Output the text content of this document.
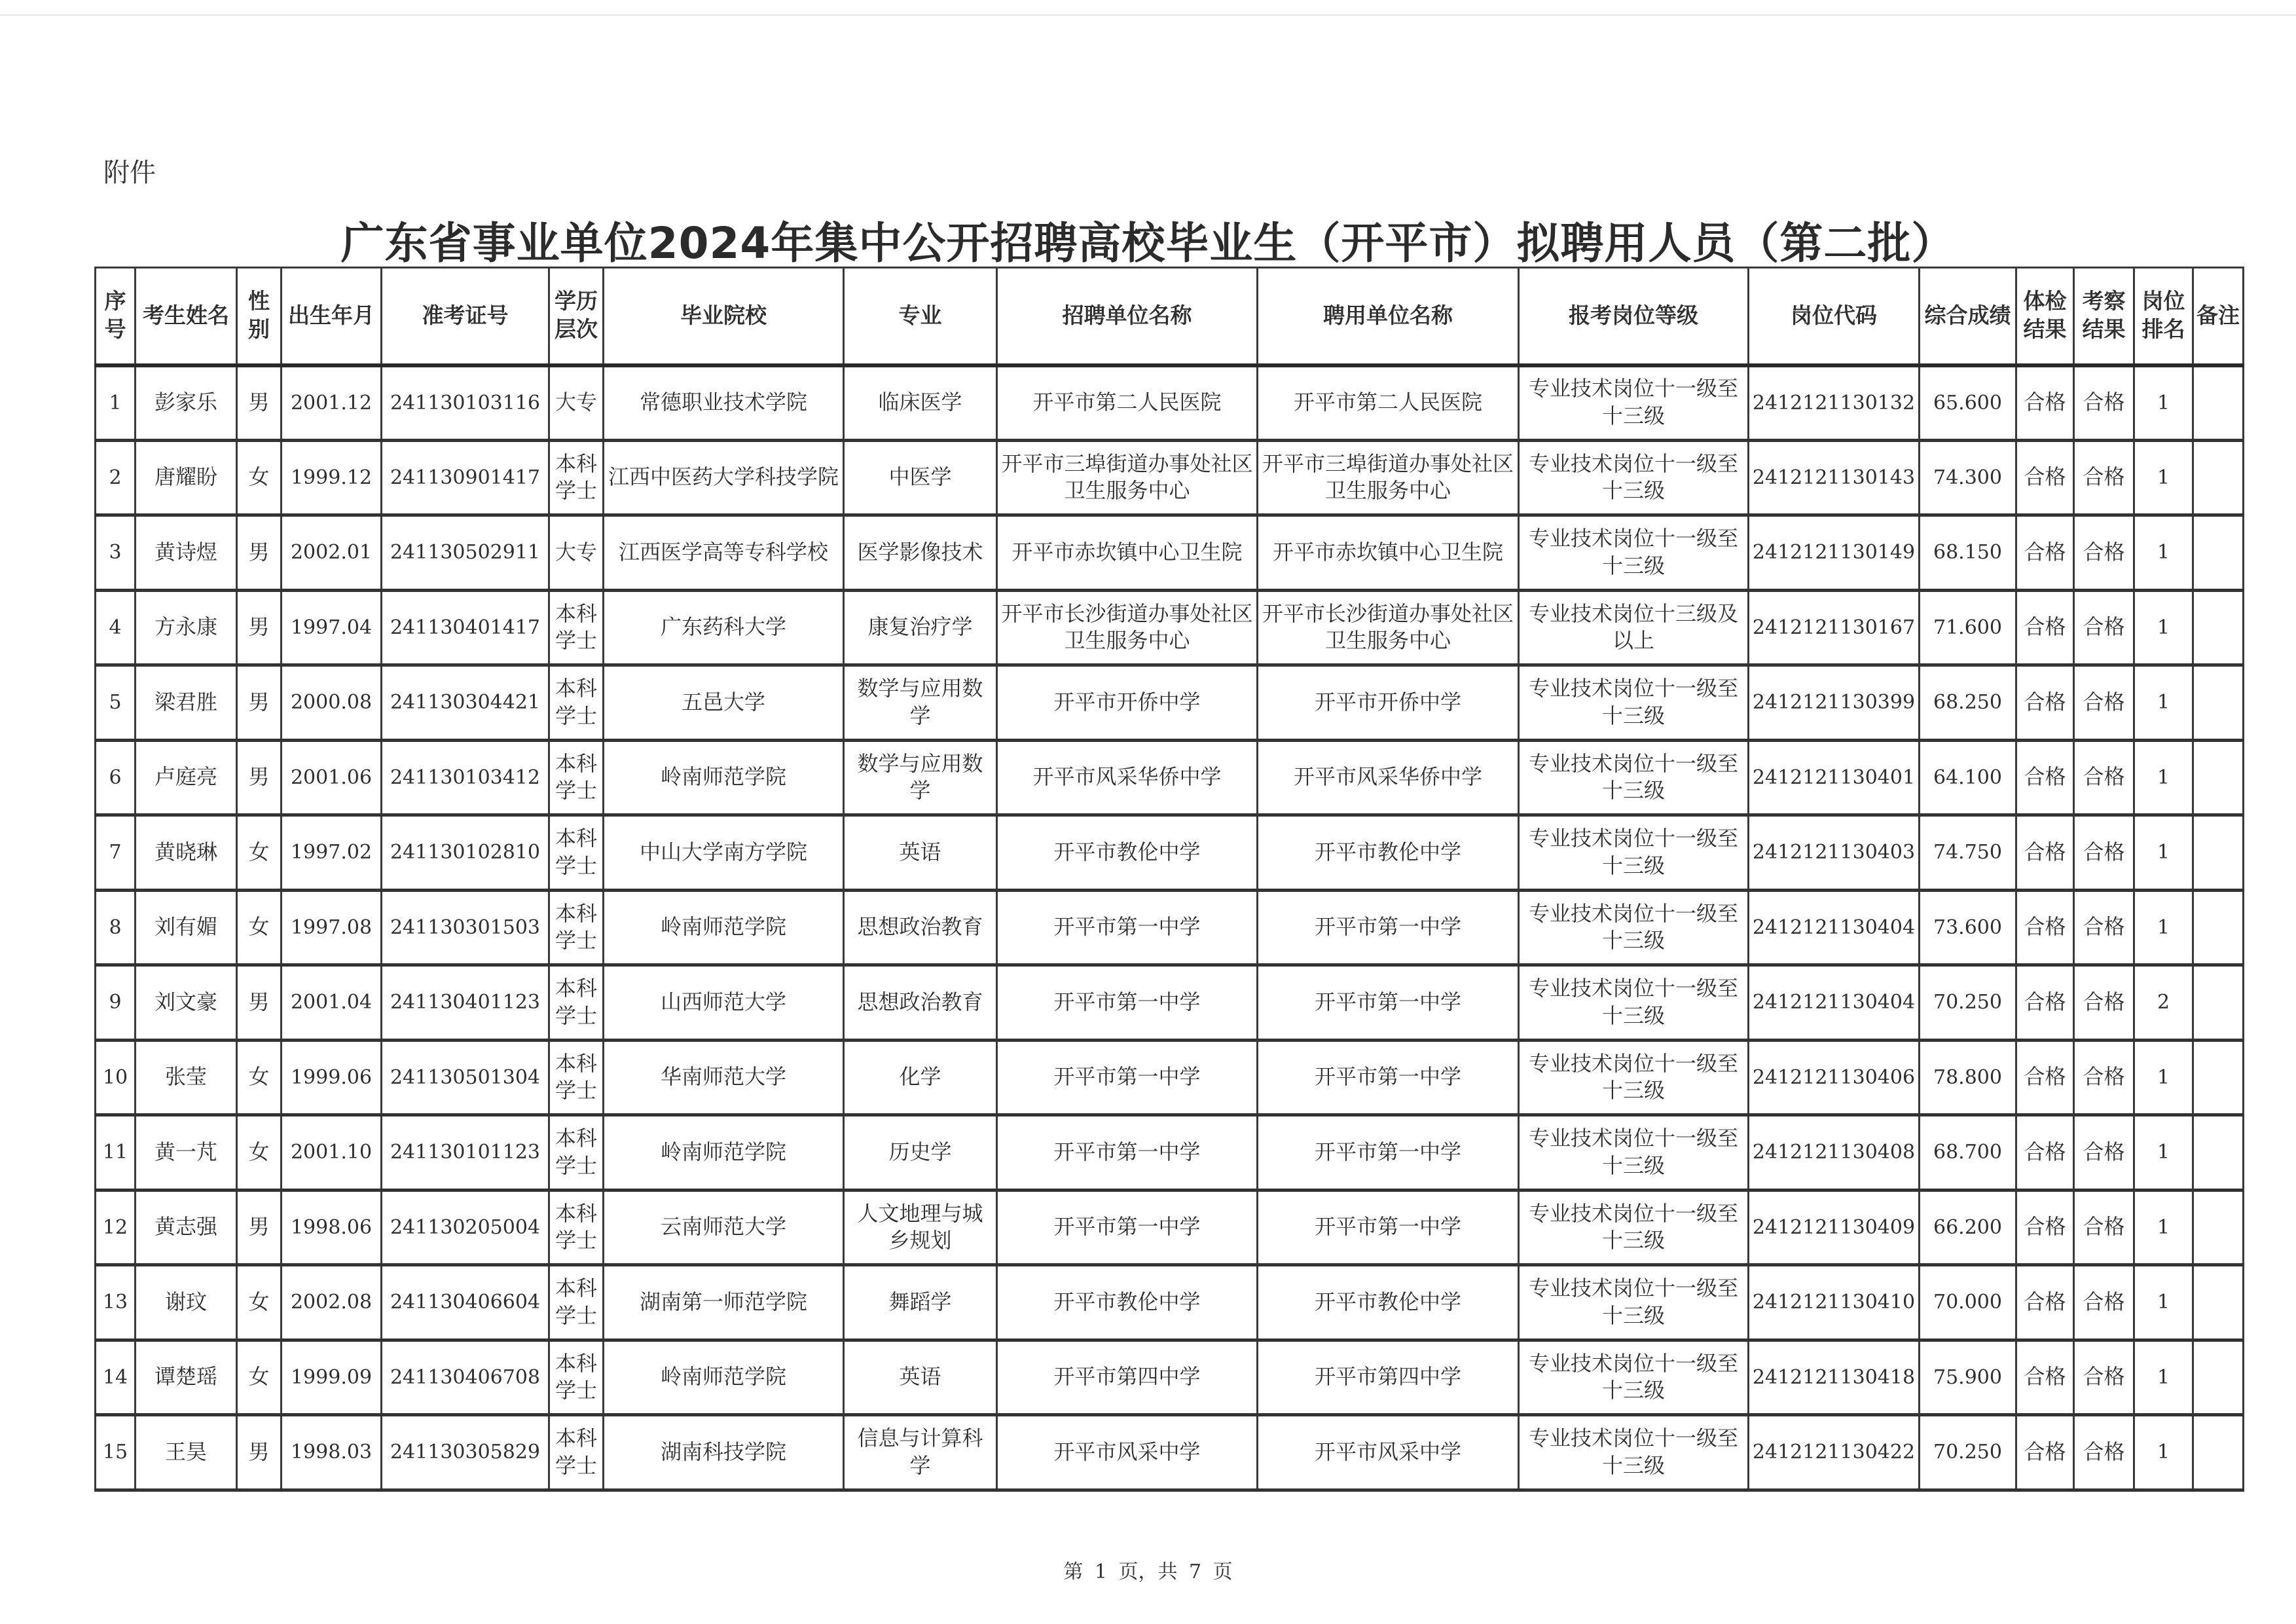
附件
广东省事业单位2024年集中公开招聘高校毕业生（开平市）拟聘用人员（第二批）
序号	考生姓名	性别	出生年月	准考证号	学历层次	毕业院校	专业	招聘单位名称	聘用单位名称	报考岗位等级	岗位代码	综合成绩	体检结果	考察结果	岗位排名	备注
1	彭家乐	男	2001.12	241130103116	大专	常德职业技术学院	临床医学	开平市第二人民医院	开平市第二人民医院	专业技术岗位十一级至十三级	2412121130132	65.600	合格	合格	1	
2	唐耀盼	女	1999.12	241130901417	本科学士	江西中医药大学科技学院	中医学	开平市三埠街道办事处社区卫生服务中心	开平市三埠街道办事处社区卫生服务中心	专业技术岗位十一级至十三级	2412121130143	74.300	合格	合格	1	
3	黄诗煜	男	2002.01	241130502911	大专	江西医学高等专科学校	医学影像技术	开平市赤坎镇中心卫生院	开平市赤坎镇中心卫生院	专业技术岗位十一级至十三级	2412121130149	68.150	合格	合格	1	
4	方永康	男	1997.04	241130401417	本科学士	广东药科大学	康复治疗学	开平市长沙街道办事处社区卫生服务中心	开平市长沙街道办事处社区卫生服务中心	专业技术岗位十三级及以上	2412121130167	71.600	合格	合格	1	
5	梁君胜	男	2000.08	241130304421	本科学士	五邑大学	数学与应用数学	开平市开侨中学	开平市开侨中学	专业技术岗位十一级至十三级	2412121130399	68.250	合格	合格	1	
6	卢庭亮	男	2001.06	241130103412	本科学士	岭南师范学院	数学与应用数学	开平市风采华侨中学	开平市风采华侨中学	专业技术岗位十一级至十三级	2412121130401	64.100	合格	合格	1	
7	黄晓琳	女	1997.02	241130102810	本科学士	中山大学南方学院	英语	开平市教伦中学	开平市教伦中学	专业技术岗位十一级至十三级	2412121130403	74.750	合格	合格	1	
8	刘有媚	女	1997.08	241130301503	本科学士	岭南师范学院	思想政治教育	开平市第一中学	开平市第一中学	专业技术岗位十一级至十三级	2412121130404	73.600	合格	合格	1	
9	刘文豪	男	2001.04	241130401123	本科学士	山西师范大学	思想政治教育	开平市第一中学	开平市第一中学	专业技术岗位十一级至十三级	2412121130404	70.250	合格	合格	2	
10	张莹	女	1999.06	241130501304	本科学士	华南师范大学	化学	开平市第一中学	开平市第一中学	专业技术岗位十一级至十三级	2412121130406	78.800	合格	合格	1	
11	黄一芃	女	2001.10	241130101123	本科学士	岭南师范学院	历史学	开平市第一中学	开平市第一中学	专业技术岗位十一级至十三级	2412121130408	68.700	合格	合格	1	
12	黄志强	男	1998.06	241130205004	本科学士	云南师范大学	人文地理与城乡规划	开平市第一中学	开平市第一中学	专业技术岗位十一级至十三级	2412121130409	66.200	合格	合格	1	
13	谢玟	女	2002.08	241130406604	本科学士	湖南第一师范学院	舞蹈学	开平市教伦中学	开平市教伦中学	专业技术岗位十一级至十三级	2412121130410	70.000	合格	合格	1	
14	谭楚瑶	女	1999.09	241130406708	本科学士	岭南师范学院	英语	开平市第四中学	开平市第四中学	专业技术岗位十一级至十三级	2412121130418	75.900	合格	合格	1	
15	王昊	男	1998.03	241130305829	本科学士	湖南科技学院	信息与计算科学	开平市风采中学	开平市风采中学	专业技术岗位十一级至十三级	2412121130422	70.250	合格	合格	1	
第 1 页，共 7 页
